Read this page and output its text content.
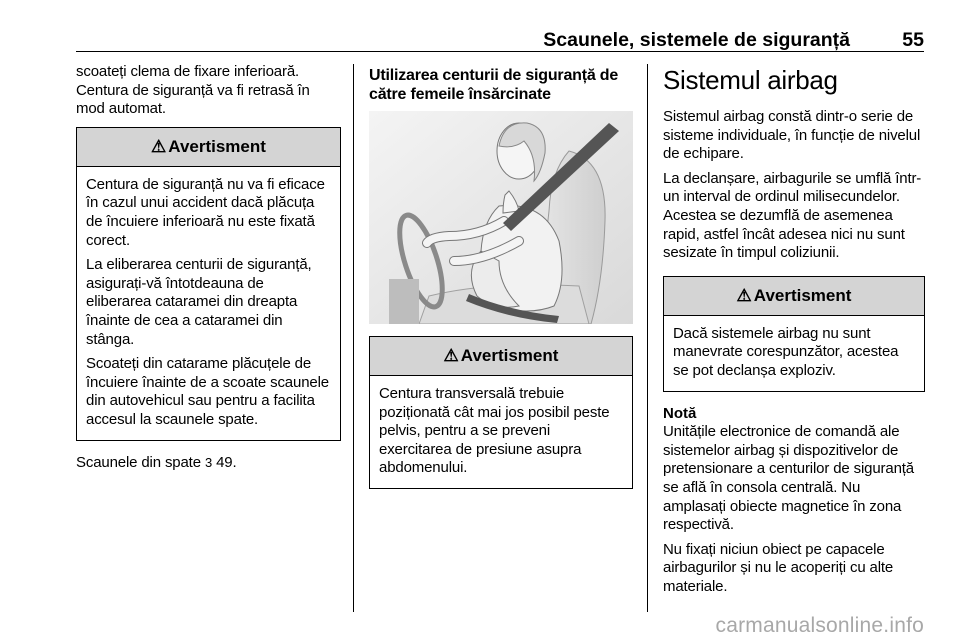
Scaunele, sistemele de siguranță	55

scoateți clema de fixare inferioară. Centura de siguranță va fi retrasă în mod automat.

⚠ Avertisment

Centura de siguranță nu va fi eficace în cazul unui accident dacă plăcuța de încuiere inferioară nu este fixată corect.

La eliberarea centurii de siguranță, asigurați-vă întotdeauna de eliberarea cataramei din dreapta înainte de cea a cataramei din stânga.

Scoateți din catarame plăcuțele de încuiere înainte de a scoate scaunele din autovehicul sau pentru a facilita accesul la scaunele spate.

Scaunele din spate 3 49.

Utilizarea centurii de siguranță de către femeile însărcinate
⚠ Avertisment

Centura transversală trebuie poziționată cât mai jos posibil peste pelvis, pentru a se preveni exercitarea de presiune asupra abdomenului.

Sistemul airbag

Sistemul airbag constă dintr-o serie de sisteme individuale, în funcție de nivelul de echipare.

La declanșare, airbagurile se umflă într-un interval de ordinul milisecundelor. Acestea se dezumflă de asemenea rapid, astfel încât adesea nici nu sunt sesizate în timpul coliziunii.

⚠ Avertisment

Dacă sistemele airbag nu sunt manevrate corespunzător, acestea se pot declanșa exploziv.

Notă

Unitățile electronice de comandă ale sistemelor airbag și dispozitivelor de pretensionare a centurilor de siguranță se află în consola centrală. Nu amplasați obiecte magnetice în zona respectivă.

Nu fixați niciun obiect pe capacele airbagurilor și nu le acoperiți cu alte materiale.

carmanualsonline.info
